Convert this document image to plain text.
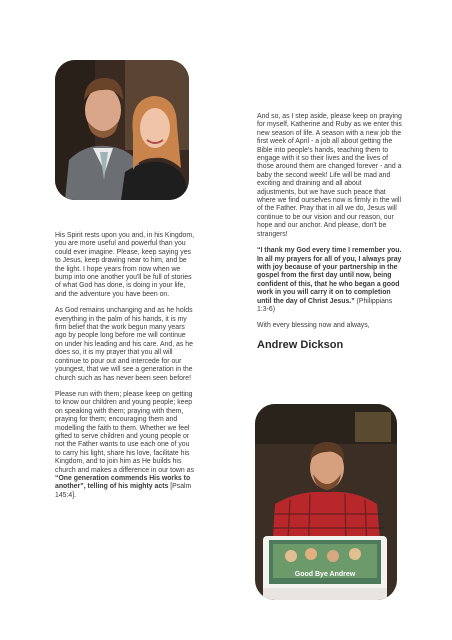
His Spirit rests upon you and, in his Kingdom, you are more useful and powerful than you could ever imagine. Please, keep saying yes to Jesus, keep drawing near to him, and be the light. I hope years from now when we bump into one another you'll be full of stories of what God has done, is doing in your life, and the adventure you have been on.

As God remains unchanging and as he holds everything in the palm of his hands, it is my firm belief that the work begun many years ago by people long before me will continue on under his leading and his care. And, as he does so, it is my prayer that you all will continue to pour out and intercede for our youngest, that we will see a generation in the church such as has never been seen before!

Please run with them; please keep on getting to know our children and young people; keep on speaking with them; praying with them, praying for them; encouraging them and modelling the faith to them. Whether we feel gifted to serve children and young people or not the Father wants to use each one of you to carry his light, share his love, facilitate his Kingdom, and to join him as He builds his church and makes a difference in our town as “One generation commends His works to another”, telling of his mighty acts [Psalm 145:4].

And so, as I step aside, please keep on praying for myself, Katherine and Ruby as we enter this new season of life. A season with a new job the first week of April - a job all about getting the Bible into people's hands, teaching them to engage with it so their lives and the lives of those around them are changed forever - and a baby the second week! Life will be mad and exciting and draining and all about adjustments, but we have such peace that where we find ourselves now is firmly in the will of the Father. Pray that in all we do, Jesus will continue to be our vision and our reason, our hope and our anchor. And please, don't be strangers!

“I thank my God every time I remember you. In all my prayers for all of you, I always pray with joy because of your partnership in the gospel from the first day until now, being confident of this, that he who began a good work in you will carry it on to completion until the day of Christ Jesus.” (Philippians 1:3-6)

With every blessing now and always,

Andrew Dickson

Good Bye Andrew
